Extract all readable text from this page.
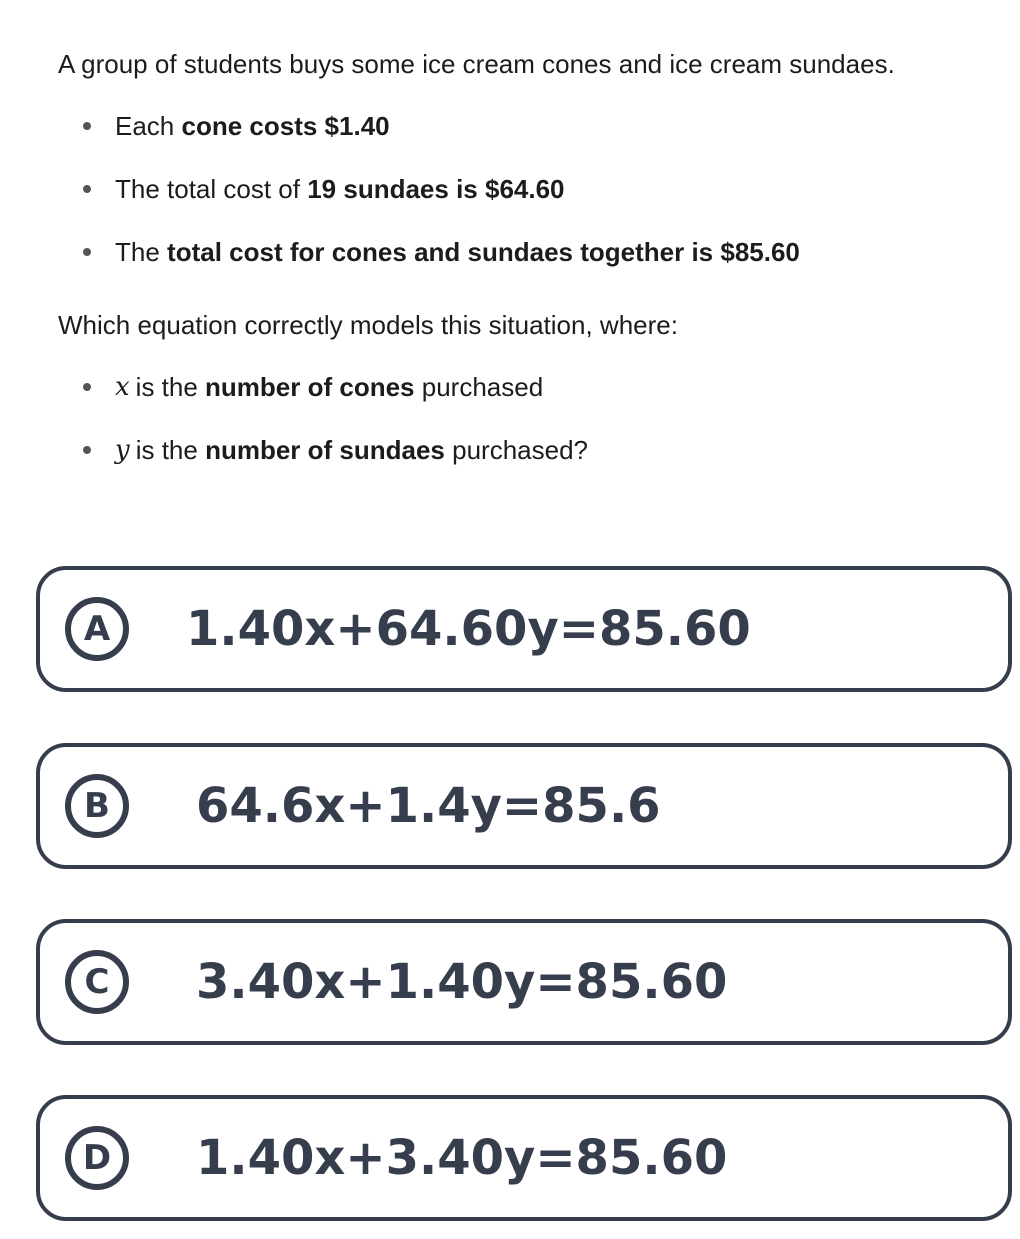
A group of students buys some ice cream cones and ice cream sundaes.

Each cone costs $1.40
The total cost of 19 sundaes is $64.60
The total cost for cones and sundaes together is $85.60

Which equation correctly models this situation, where:

x is the number of cones purchased
y is the number of sundaes purchased?
A	1.40x+64.60y=85.60
B	64.6x+1.4y=85.6
C	3.40x+1.40y=85.60
D	1.40x+3.40y=85.60
